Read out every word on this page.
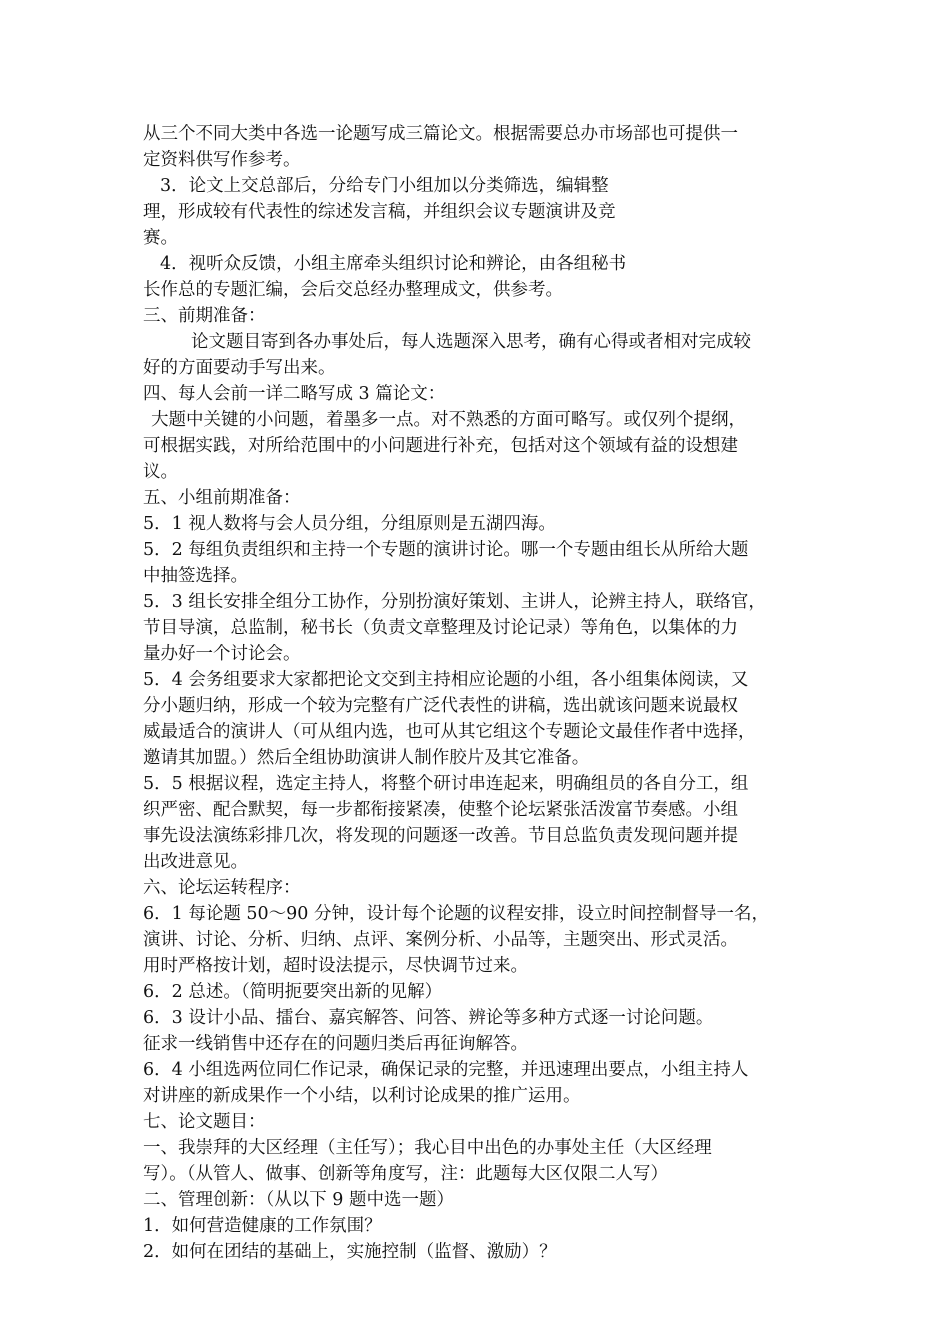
从三个不同大类中各选一论题写成三篇论文。根据需要总办市场部也可提供一
定资料供写作参考。
3．论文上交总部后，分给专门小组加以分类筛选，编辑整
理，形成较有代表性的综述发言稿，并组织会议专题演讲及竞
赛。
4．视听众反馈，小组主席牵头组织讨论和辨论，由各组秘书
长作总的专题汇编，会后交总经办整理成文，供参考。
三、前期准备：
论文题目寄到各办事处后，每人选题深入思考，确有心得或者相对完成较
好的方面要动手写出来。
四、每人会前一详二略写成 3 篇论文：
大题中关键的小问题，着墨多一点。对不熟悉的方面可略写。或仅列个提纲，
可根据实践，对所给范围中的小问题进行补充，包括对这个领域有益的设想建
议。
五、小组前期准备：
5．1 视人数将与会人员分组，分组原则是五湖四海。
5．2 每组负责组织和主持一个专题的演讲讨论。哪一个专题由组长从所给大题
中抽签选择。
5．3 组长安排全组分工协作，分别扮演好策划、主讲人，论辨主持人，联络官，
节目导演，总监制，秘书长（负责文章整理及讨论记录）等角色，以集体的力
量办好一个讨论会。
5．4 会务组要求大家都把论文交到主持相应论题的小组，各小组集体阅读，又
分小题归纳，形成一个较为完整有广泛代表性的讲稿，选出就该问题来说最权
威最适合的演讲人（可从组内选，也可从其它组这个专题论文最佳作者中选择，
邀请其加盟。）然后全组协助演讲人制作胶片及其它准备。
5．5 根据议程，选定主持人，将整个研讨串连起来，明确组员的各自分工，组
织严密、配合默契，每一步都衔接紧凑，使整个论坛紧张活泼富节奏感。小组
事先设法演练彩排几次，将发现的问题逐一改善。节目总监负责发现问题并提
出改进意见。
六、论坛运转程序：
6．1 每论题 50～90 分钟，设计每个论题的议程安排，设立时间控制督导一名，
演讲、讨论、分析、归纳、点评、案例分析、小品等，主题突出、形式灵活。
用时严格按计划，超时设法提示，尽快调节过来。
6．2 总述。（简明扼要突出新的见解）
6．3 设计小品、擂台、嘉宾解答、问答、辨论等多种方式逐一讨论问题。
征求一线销售中还存在的问题归类后再征询解答。
6．4 小组选两位同仁作记录，确保记录的完整，并迅速理出要点，小组主持人
对讲座的新成果作一个小结，以利讨论成果的推广运用。
七、论文题目：
一、我崇拜的大区经理（主任写）；我心目中出色的办事处主任（大区经理
写）。（从管人、做事、创新等角度写，注：此题每大区仅限二人写）
二、管理创新：（从以下 9 题中选一题）
1．如何营造健康的工作氛围？
2．如何在团结的基础上，实施控制（监督、激励）？
